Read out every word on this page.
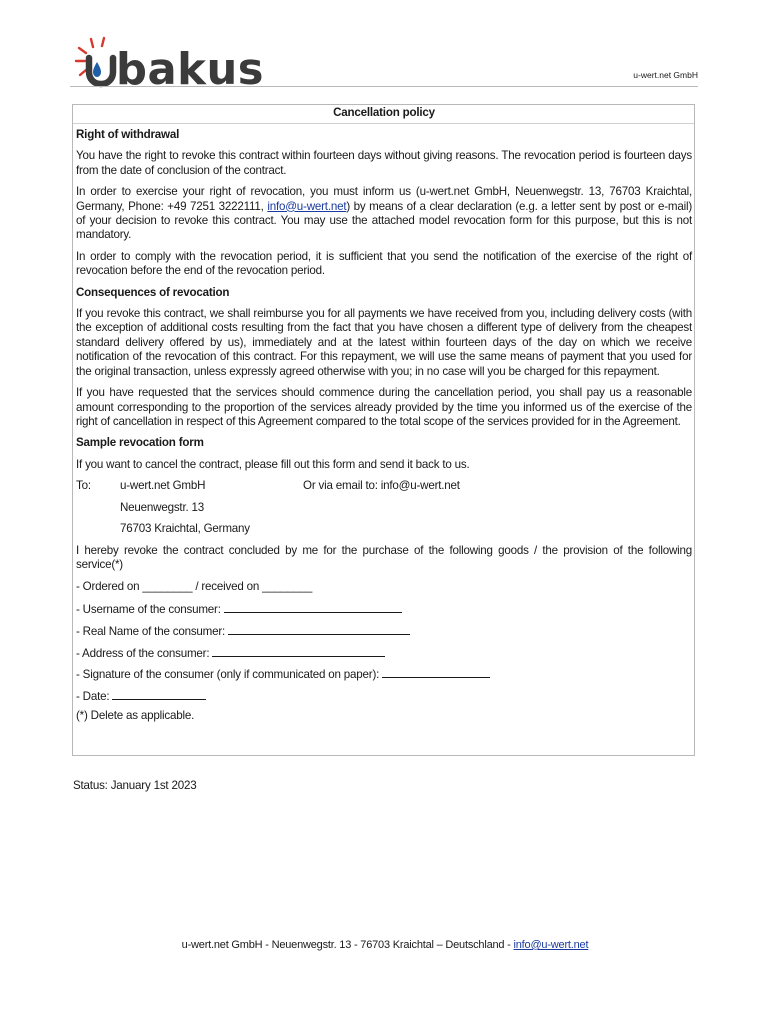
bakus	u-wert.net GmbH
Cancellation policy
Right of withdrawal
You have the right to revoke this contract within fourteen days without giving reasons. The revocation period is fourteen days from the date of conclusion of the contract.
In order to exercise your right of revocation, you must inform us (u-wert.net GmbH, Neuenwegstr. 13, 76703 Kraichtal, Germany, Phone: +49 7251 3222111, info@u-wert.net) by means of a clear declaration (e.g. a letter sent by post or e-mail) of your decision to revoke this contract. You may use the attached model revocation form for this purpose, but this is not mandatory.
In order to comply with the revocation period, it is sufficient that you send the notification of the exercise of the right of revocation before the end of the revocation period.
Consequences of revocation
If you revoke this contract, we shall reimburse you for all payments we have received from you, including delivery costs (with the exception of additional costs resulting from the fact that you have chosen a different type of delivery from the cheapest standard delivery offered by us), immediately and at the latest within fourteen days of the day on which we receive notification of the revocation of this contract. For this repayment, we will use the same means of payment that you used for the original transaction, unless expressly agreed otherwise with you; in no case will you be charged for this repayment.
If you have requested that the services should commence during the cancellation period, you shall pay us a reasonable amount corresponding to the proportion of the services already provided by the time you informed us of the exercise of the right of cancellation in respect of this Agreement compared to the total scope of the services provided for in the Agreement.
Sample revocation form
If you want to cancel the contract, please fill out this form and send it back to us.
To:	u-wert.net GmbH	Or via email to: info@u-wert.net
Neuenwegstr. 13
76703 Kraichtal, Germany
I hereby revoke the contract concluded by me for the purchase of the following goods / the provision of the following service(*)
- Ordered on ________ / received on ________
- Username of the consumer:
- Real Name of the consumer:
- Address of the consumer:
- Signature of the consumer (only if communicated on paper):
- Date:
(*) Delete as applicable.
Status: January 1st 2023
u-wert.net GmbH - Neuenwegstr. 13 - 76703 Kraichtal – Deutschland - info@u-wert.net
